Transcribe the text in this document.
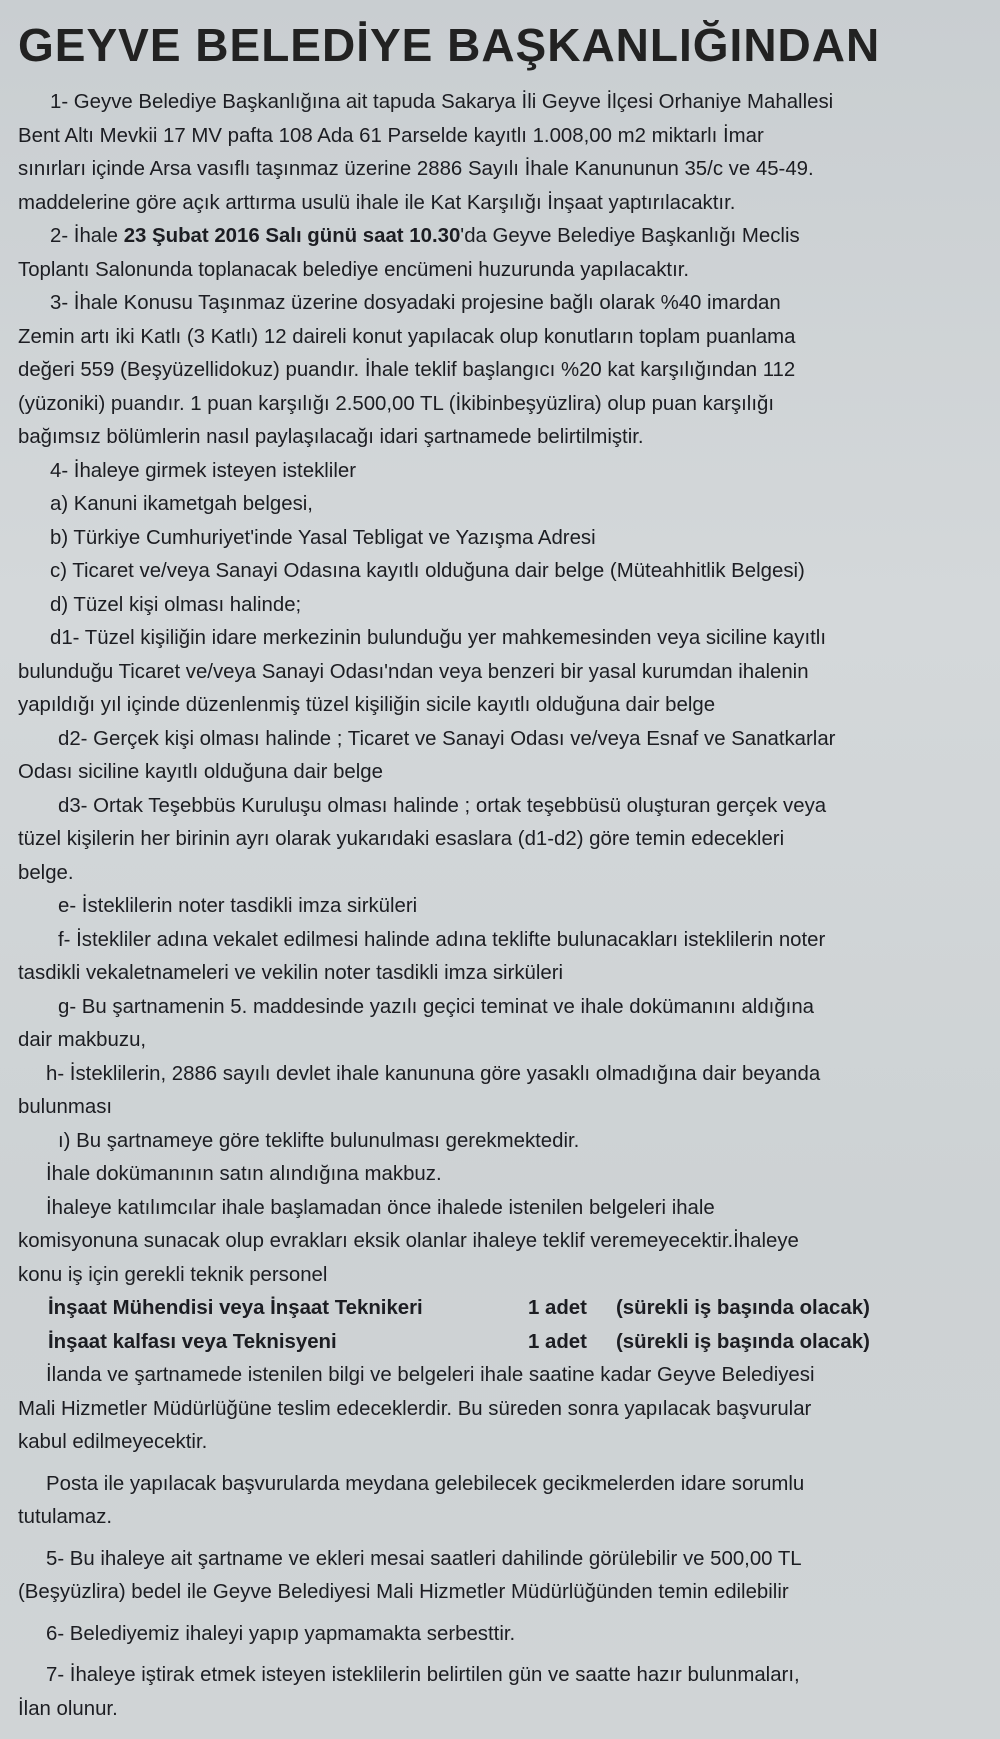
GEYVE BELEDİYE BAŞKANLIĞINDAN

1- Geyve Belediye Başkanlığına ait tapuda Sakarya İli Geyve İlçesi Orhaniye Mahallesi

Bent Altı Mevkii 17 MV pafta 108 Ada 61 Parselde kayıtlı 1.008,00 m2 miktarlı İmar

sınırları içinde Arsa vasıflı taşınmaz üzerine 2886 Sayılı İhale Kanununun 35/c ve 45-49.

maddelerine göre açık arttırma usulü ihale ile Kat Karşılığı İnşaat yaptırılacaktır.

2- İhale 23 Şubat 2016 Salı günü saat 10.30'da Geyve Belediye Başkanlığı Meclis

Toplantı Salonunda toplanacak belediye encümeni huzurunda yapılacaktır.

3- İhale Konusu Taşınmaz üzerine dosyadaki projesine bağlı olarak %40 imardan

Zemin artı iki Katlı (3 Katlı) 12 daireli konut yapılacak olup konutların toplam puanlama

değeri 559 (Beşyüzellidokuz) puandır. İhale teklif başlangıcı %20 kat karşılığından 112

(yüzoniki) puandır. 1 puan karşılığı 2.500,00 TL (İkibinbeşyüzlira) olup puan karşılığı

bağımsız bölümlerin nasıl paylaşılacağı idari şartnamede belirtilmiştir.

4- İhaleye girmek isteyen istekliler

a) Kanuni ikametgah belgesi,

b) Türkiye Cumhuriyet'inde Yasal Tebligat ve Yazışma Adresi

c) Ticaret ve/veya Sanayi Odasına kayıtlı olduğuna dair belge (Müteahhitlik Belgesi)

d) Tüzel kişi olması halinde;

d1- Tüzel kişiliğin idare merkezinin bulunduğu yer mahkemesinden veya siciline kayıtlı

bulunduğu Ticaret ve/veya Sanayi Odası'ndan veya benzeri bir yasal kurumdan ihalenin

yapıldığı yıl içinde düzenlenmiş tüzel kişiliğin sicile kayıtlı olduğuna dair belge

d2- Gerçek kişi olması halinde ; Ticaret ve Sanayi Odası ve/veya Esnaf ve Sanatkarlar

Odası siciline kayıtlı olduğuna dair belge

d3- Ortak Teşebbüs Kuruluşu olması halinde ; ortak teşebbüsü oluşturan gerçek veya

tüzel kişilerin her birinin ayrı olarak yukarıdaki esaslara (d1-d2) göre temin edecekleri

belge.

e- İsteklilerin noter tasdikli imza sirküleri

f- İstekliler adına vekalet edilmesi halinde adına teklifte bulunacakları isteklilerin noter

tasdikli vekaletnameleri ve vekilin noter tasdikli imza sirküleri

g- Bu şartnamenin 5. maddesinde yazılı geçici teminat ve ihale dokümanını aldığına

dair makbuzu,

h- İsteklilerin, 2886 sayılı devlet ihale kanununa göre yasaklı olmadığına dair beyanda

bulunması

ı) Bu şartnameye göre teklifte bulunulması gerekmektedir.

İhale dokümanının satın alındığına makbuz.

İhaleye katılımcılar ihale başlamadan önce ihalede istenilen belgeleri ihale

komisyonuna sunacak olup evrakları eksik olanlar ihaleye teklif veremeyecektir.İhaleye

konu iş için gerekli teknik personel

İnşaat Mühendisi veya İnşaat Teknikeri	1 adet	(sürekli iş başında olacak)
İnşaat kalfası veya Teknisyeni	1 adet	(sürekli iş başında olacak)

İlanda ve şartnamede istenilen bilgi ve belgeleri ihale saatine kadar Geyve Belediyesi

Mali Hizmetler Müdürlüğüne teslim edeceklerdir. Bu süreden sonra yapılacak başvurular

kabul edilmeyecektir.

Posta ile yapılacak başvurularda meydana gelebilecek gecikmelerden idare sorumlu

tutulamaz.

5- Bu ihaleye ait şartname ve ekleri mesai saatleri dahilinde görülebilir ve 500,00 TL

(Beşyüzlira) bedel ile Geyve Belediyesi Mali Hizmetler Müdürlüğünden temin edilebilir

6- Belediyemiz ihaleyi yapıp yapmamakta serbesttir.

7- İhaleye iştirak etmek isteyen isteklilerin belirtilen gün ve saatte hazır bulunmaları,

İlan olunur.
